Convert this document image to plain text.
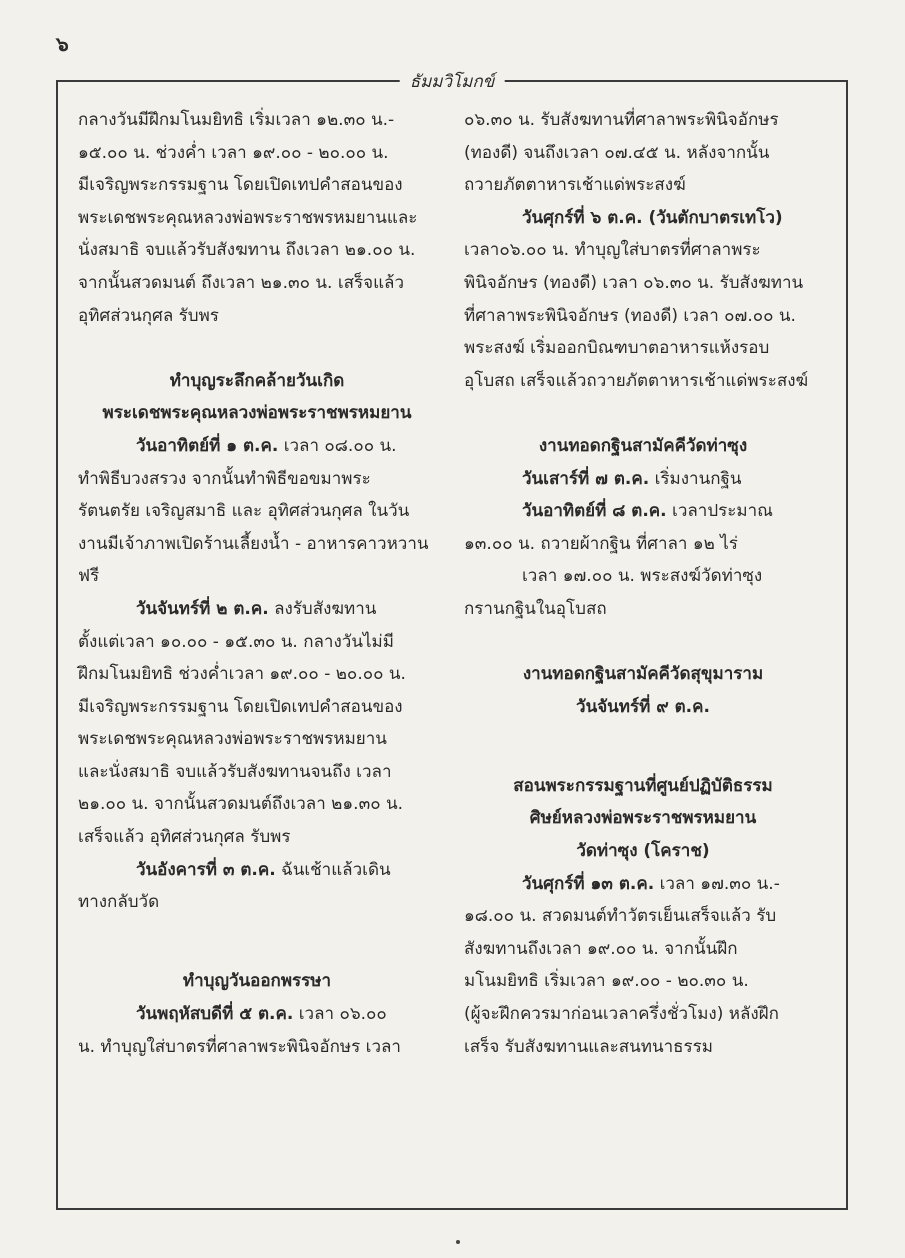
๖
ธัมมวิโมกข์

กลางวันมีฝึกมโนมยิทธิ เริ่มเวลา ๑๒.๓๐ น.-

๑๕.๐๐ น. ช่วงค่ำ เวลา ๑๙.๐๐ - ๒๐.๐๐ น.

มีเจริญพระกรรมฐาน โดยเปิดเทปคำสอนของ

พระเดชพระคุณหลวงพ่อพระราชพรหมยานและ

นั่งสมาธิ จบแล้วรับสังฆทาน ถึงเวลา ๒๑.๐๐ น.

จากนั้นสวดมนต์ ถึงเวลา ๒๑.๓๐ น. เสร็จแล้ว

อุทิศส่วนกุศล รับพร

ทำบุญระลึกคล้ายวันเกิด

พระเดชพระคุณหลวงพ่อพระราชพรหมยาน

วันอาทิตย์ที่ ๑ ต.ค. เวลา ๐๘.๐๐ น.

ทำพิธีบวงสรวง จากนั้นทำพิธีขอขมาพระ

รัตนตรัย เจริญสมาธิ และ อุทิศส่วนกุศล ในวัน

งานมีเจ้าภาพเปิดร้านเลี้ยงน้ำ - อาหารคาวหวาน

ฟรี

วันจันทร์ที่ ๒ ต.ค. ลงรับสังฆทาน

ตั้งแต่เวลา ๑๐.๐๐ - ๑๕.๓๐ น. กลางวันไม่มี

ฝึกมโนมยิทธิ ช่วงค่ำเวลา ๑๙.๐๐ - ๒๐.๐๐ น.

มีเจริญพระกรรมฐาน โดยเปิดเทปคำสอนของ

พระเดชพระคุณหลวงพ่อพระราชพรหมยาน

และนั่งสมาธิ จบแล้วรับสังฆทานจนถึง เวลา

๒๑.๐๐ น. จากนั้นสวดมนต์ถึงเวลา ๒๑.๓๐ น.

เสร็จแล้ว อุทิศส่วนกุศล รับพร

วันอังคารที่ ๓ ต.ค. ฉันเช้าแล้วเดิน

ทางกลับวัด

ทำบุญวันออกพรรษา

วันพฤหัสบดีที่ ๕ ต.ค. เวลา ๐๖.๐๐

น. ทำบุญใส่บาตรที่ศาลาพระพินิจอักษร เวลา

๐๖.๓๐ น. รับสังฆทานที่ศาลาพระพินิจอักษร

(ทองดี) จนถึงเวลา ๐๗.๔๕ น. หลังจากนั้น

ถวายภัตตาหารเช้าแด่พระสงฆ์

วันศุกร์ที่ ๖ ต.ค. (วันตักบาตรเทโว)

เวลา๐๖.๐๐ น. ทำบุญใส่บาตรที่ศาลาพระ

พินิจอักษร (ทองดี) เวลา ๐๖.๓๐ น. รับสังฆทาน

ที่ศาลาพระพินิจอักษร (ทองดี) เวลา ๐๗.๐๐ น.

พระสงฆ์ เริ่มออกบิณฑบาตอาหารแห้งรอบ

อุโบสถ เสร็จแล้วถวายภัตตาหารเช้าแด่พระสงฆ์

งานทอดกฐินสามัคคีวัดท่าซุง

วันเสาร์ที่ ๗ ต.ค. เริ่มงานกฐิน

วันอาทิตย์ที่ ๘ ต.ค. เวลาประมาณ

๑๓.๐๐ น. ถวายผ้ากฐิน ที่ศาลา ๑๒ ไร่

เวลา ๑๗.๐๐ น. พระสงฆ์วัดท่าซุง

กรานกฐินในอุโบสถ

งานทอดกฐินสามัคคีวัดสุขุมาราม

วันจันทร์ที่ ๙ ต.ค.

สอนพระกรรมฐานที่ศูนย์ปฏิบัติธรรม

ศิษย์หลวงพ่อพระราชพรหมยาน

วัดท่าซุง (โคราช)

วันศุกร์ที่ ๑๓ ต.ค. เวลา ๑๗.๓๐ น.-

๑๘.๐๐ น. สวดมนต์ทำวัตรเย็นเสร็จแล้ว รับ

สังฆทานถึงเวลา ๑๙.๐๐ น. จากนั้นฝึก

มโนมยิทธิ เริ่มเวลา ๑๙.๐๐ - ๒๐.๓๐ น.

(ผู้จะฝึกควรมาก่อนเวลาครึ่งชั่วโมง) หลังฝึก

เสร็จ รับสังฆทานและสนทนาธรรม
